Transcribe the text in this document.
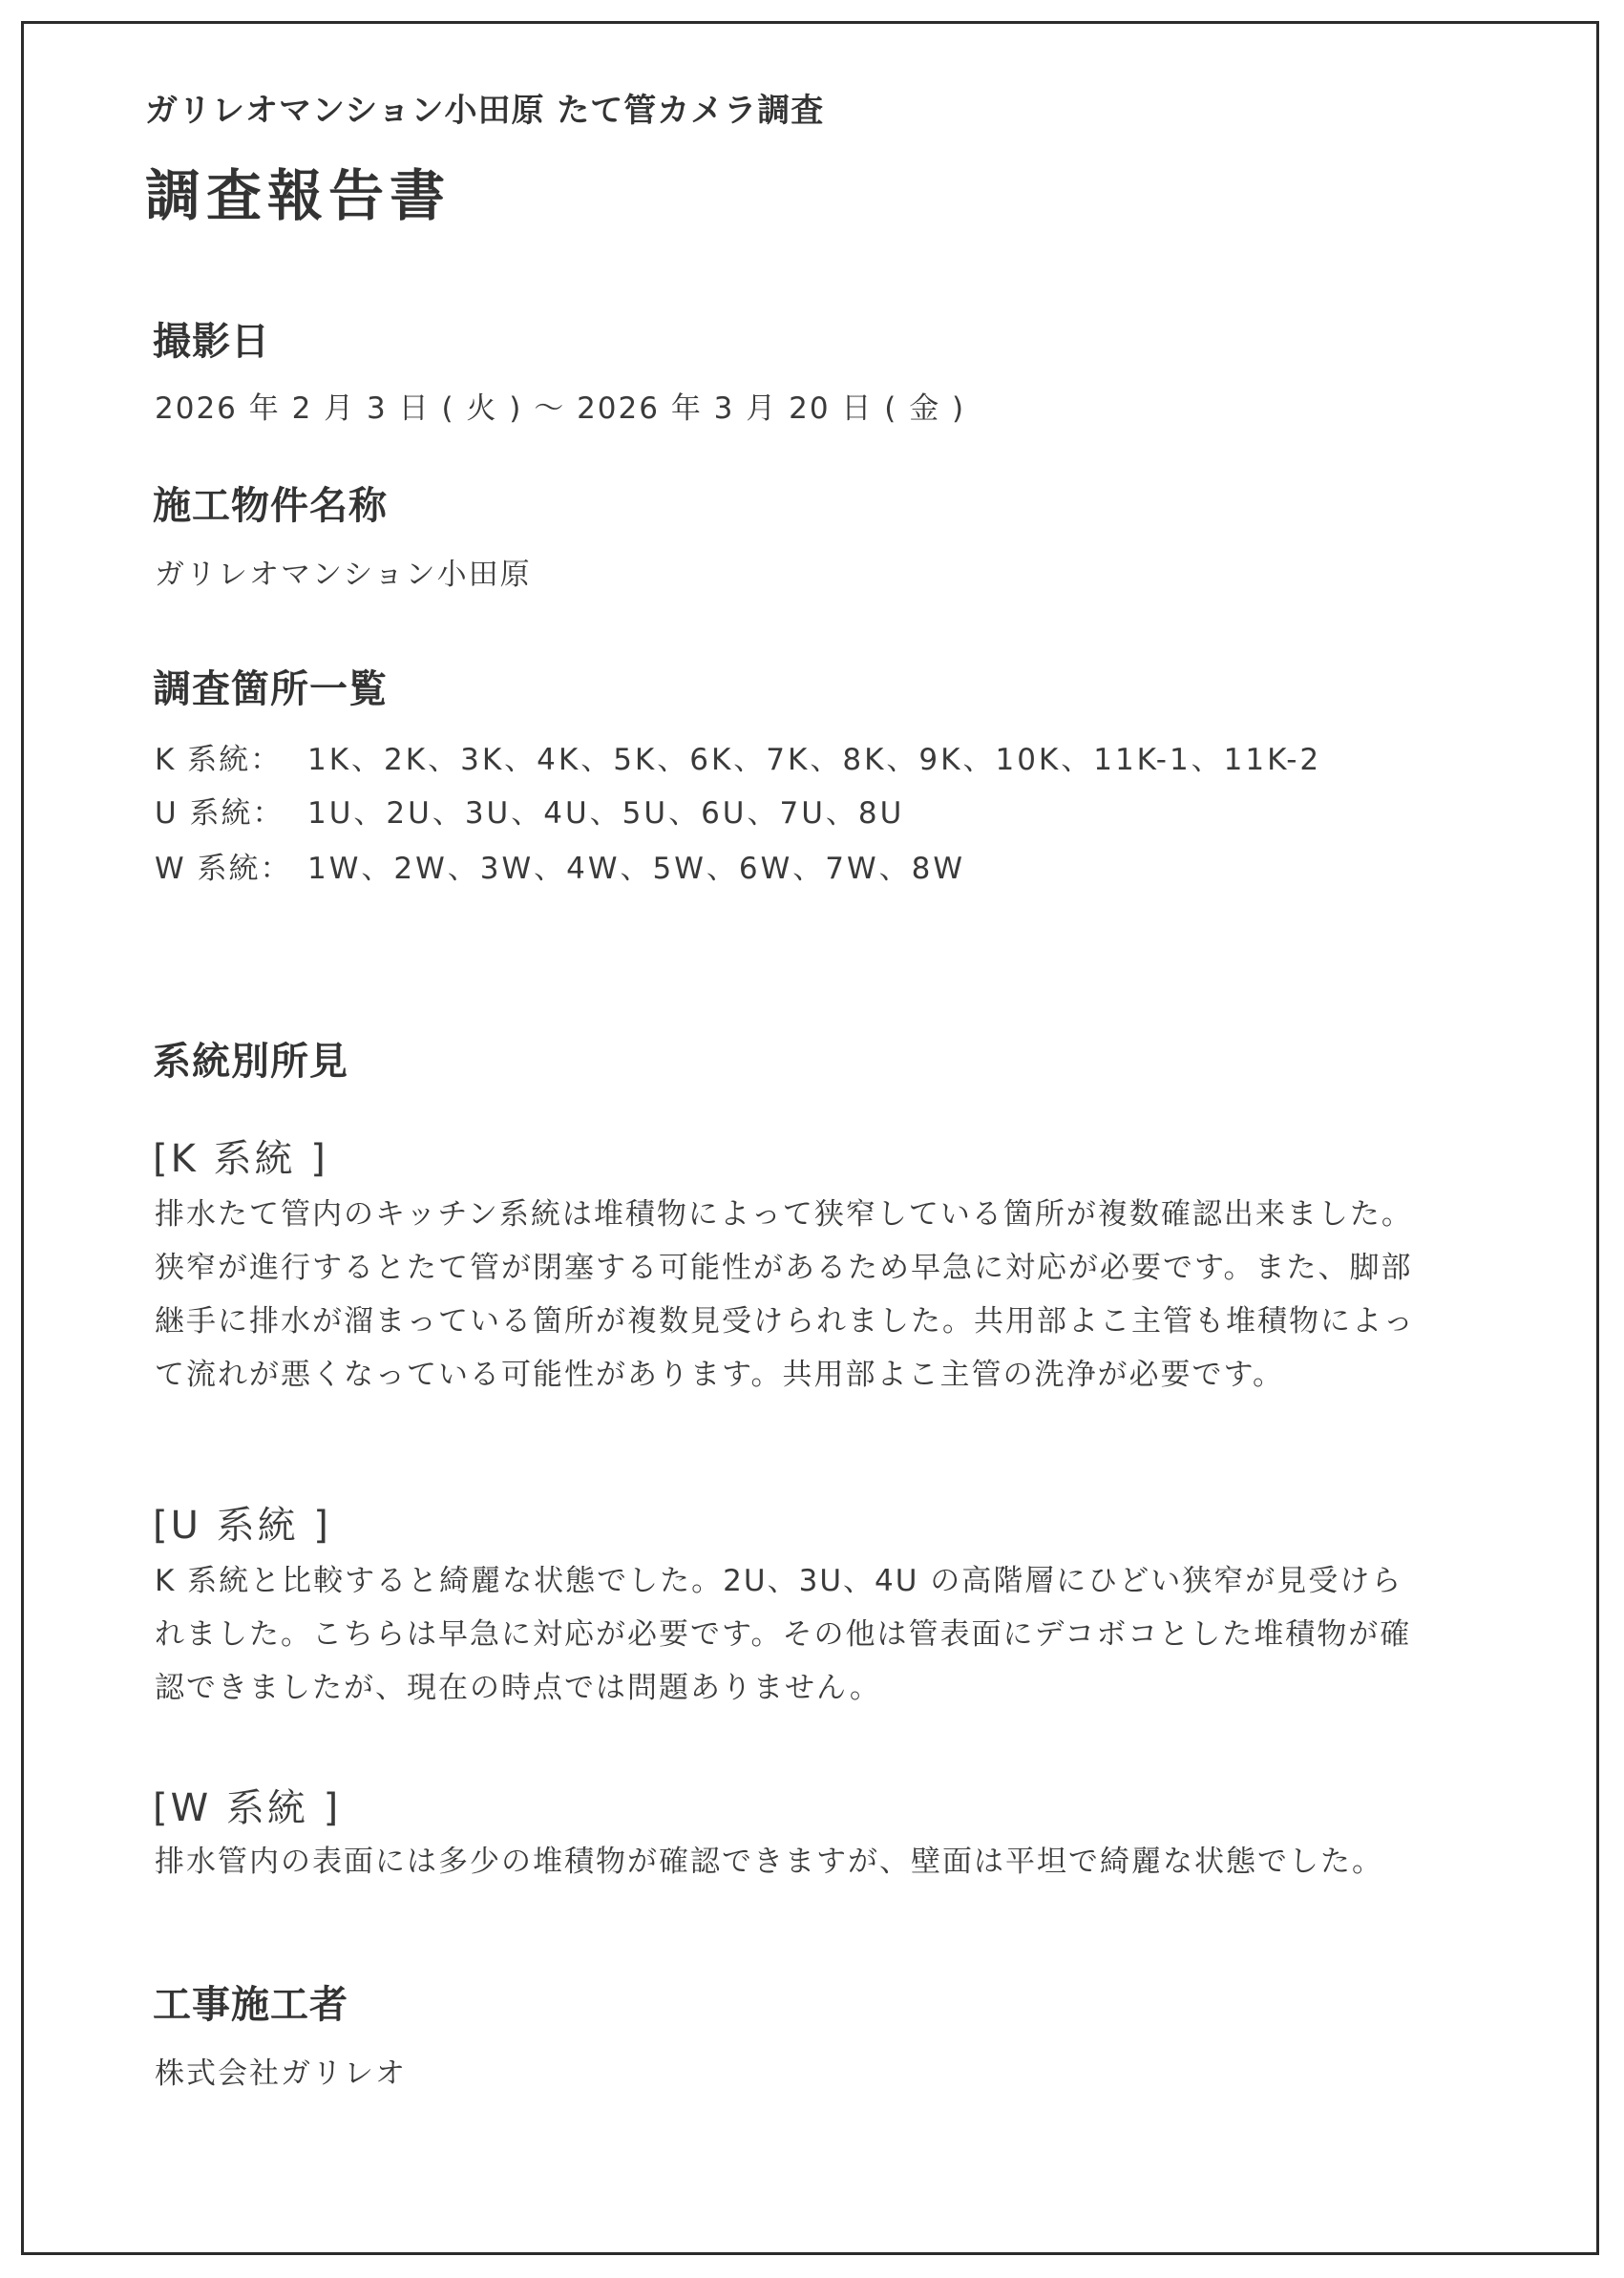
ガリレオマンション小田原 たて管カメラ調査
調査報告書
撮影日
2026 年 2 月 3 日 ( 火 ) ～ 2026 年 3 月 20 日 ( 金 )
施工物件名称
ガリレオマンション小田原
調査箇所一覧
K 系統： 1K、2K、3K、4K、5K、6K、7K、8K、9K、10K、11K-1、11K-2
U 系統： 1U、2U、3U、4U、5U、6U、7U、8U
W 系統： 1W、2W、3W、4W、5W、6W、7W、8W
系統別所見
[K 系統 ]
排水たて管内のキッチン系統は堆積物によって狭窄している箇所が複数確認出来ました。
狭窄が進行するとたて管が閉塞する可能性があるため早急に対応が必要です。また、脚部
継手に排水が溜まっている箇所が複数見受けられました。共用部よこ主管も堆積物によっ
て流れが悪くなっている可能性があります。共用部よこ主管の洗浄が必要です。
[U 系統 ]
K 系統と比較すると綺麗な状態でした。2U、3U、4U の高階層にひどい狭窄が見受けら
れました。こちらは早急に対応が必要です。その他は管表面にデコボコとした堆積物が確
認できましたが、現在の時点では問題ありません。
[W 系統 ]
排水管内の表面には多少の堆積物が確認できますが、壁面は平坦で綺麗な状態でした。
工事施工者
株式会社ガリレオ
